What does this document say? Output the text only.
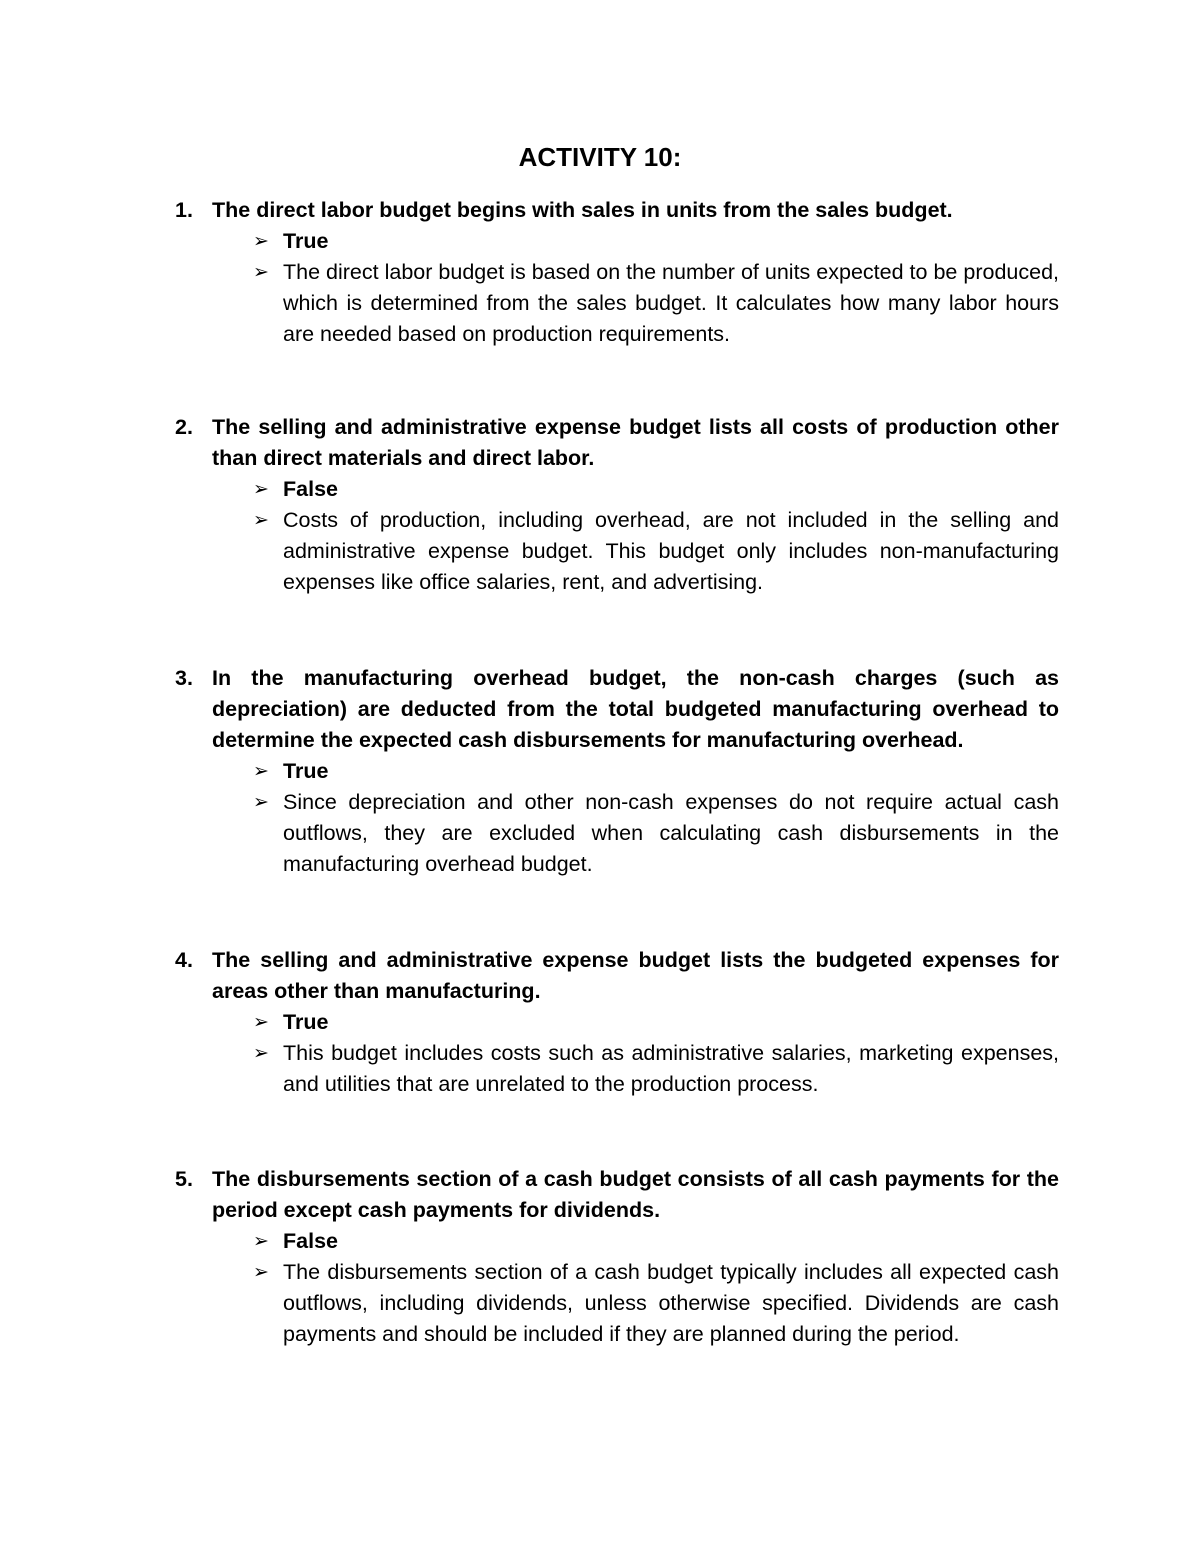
ACTIVITY 10:
1. The direct labor budget begins with sales in units from the sales budget.
➢ True
➢ The direct labor budget is based on the number of units expected to be produced, which is determined from the sales budget. It calculates how many labor hours are needed based on production requirements.
2. The selling and administrative expense budget lists all costs of production other than direct materials and direct labor.
➢ False
➢ Costs of production, including overhead, are not included in the selling and administrative expense budget. This budget only includes non-manufacturing expenses like office salaries, rent, and advertising.
3. In the manufacturing overhead budget, the non-cash charges (such as depreciation) are deducted from the total budgeted manufacturing overhead to determine the expected cash disbursements for manufacturing overhead.
➢ True
➢ Since depreciation and other non-cash expenses do not require actual cash outflows, they are excluded when calculating cash disbursements in the manufacturing overhead budget.
4. The selling and administrative expense budget lists the budgeted expenses for areas other than manufacturing.
➢ True
➢ This budget includes costs such as administrative salaries, marketing expenses, and utilities that are unrelated to the production process.
5. The disbursements section of a cash budget consists of all cash payments for the period except cash payments for dividends.
➢ False
➢ The disbursements section of a cash budget typically includes all expected cash outflows, including dividends, unless otherwise specified. Dividends are cash payments and should be included if they are planned during the period.
